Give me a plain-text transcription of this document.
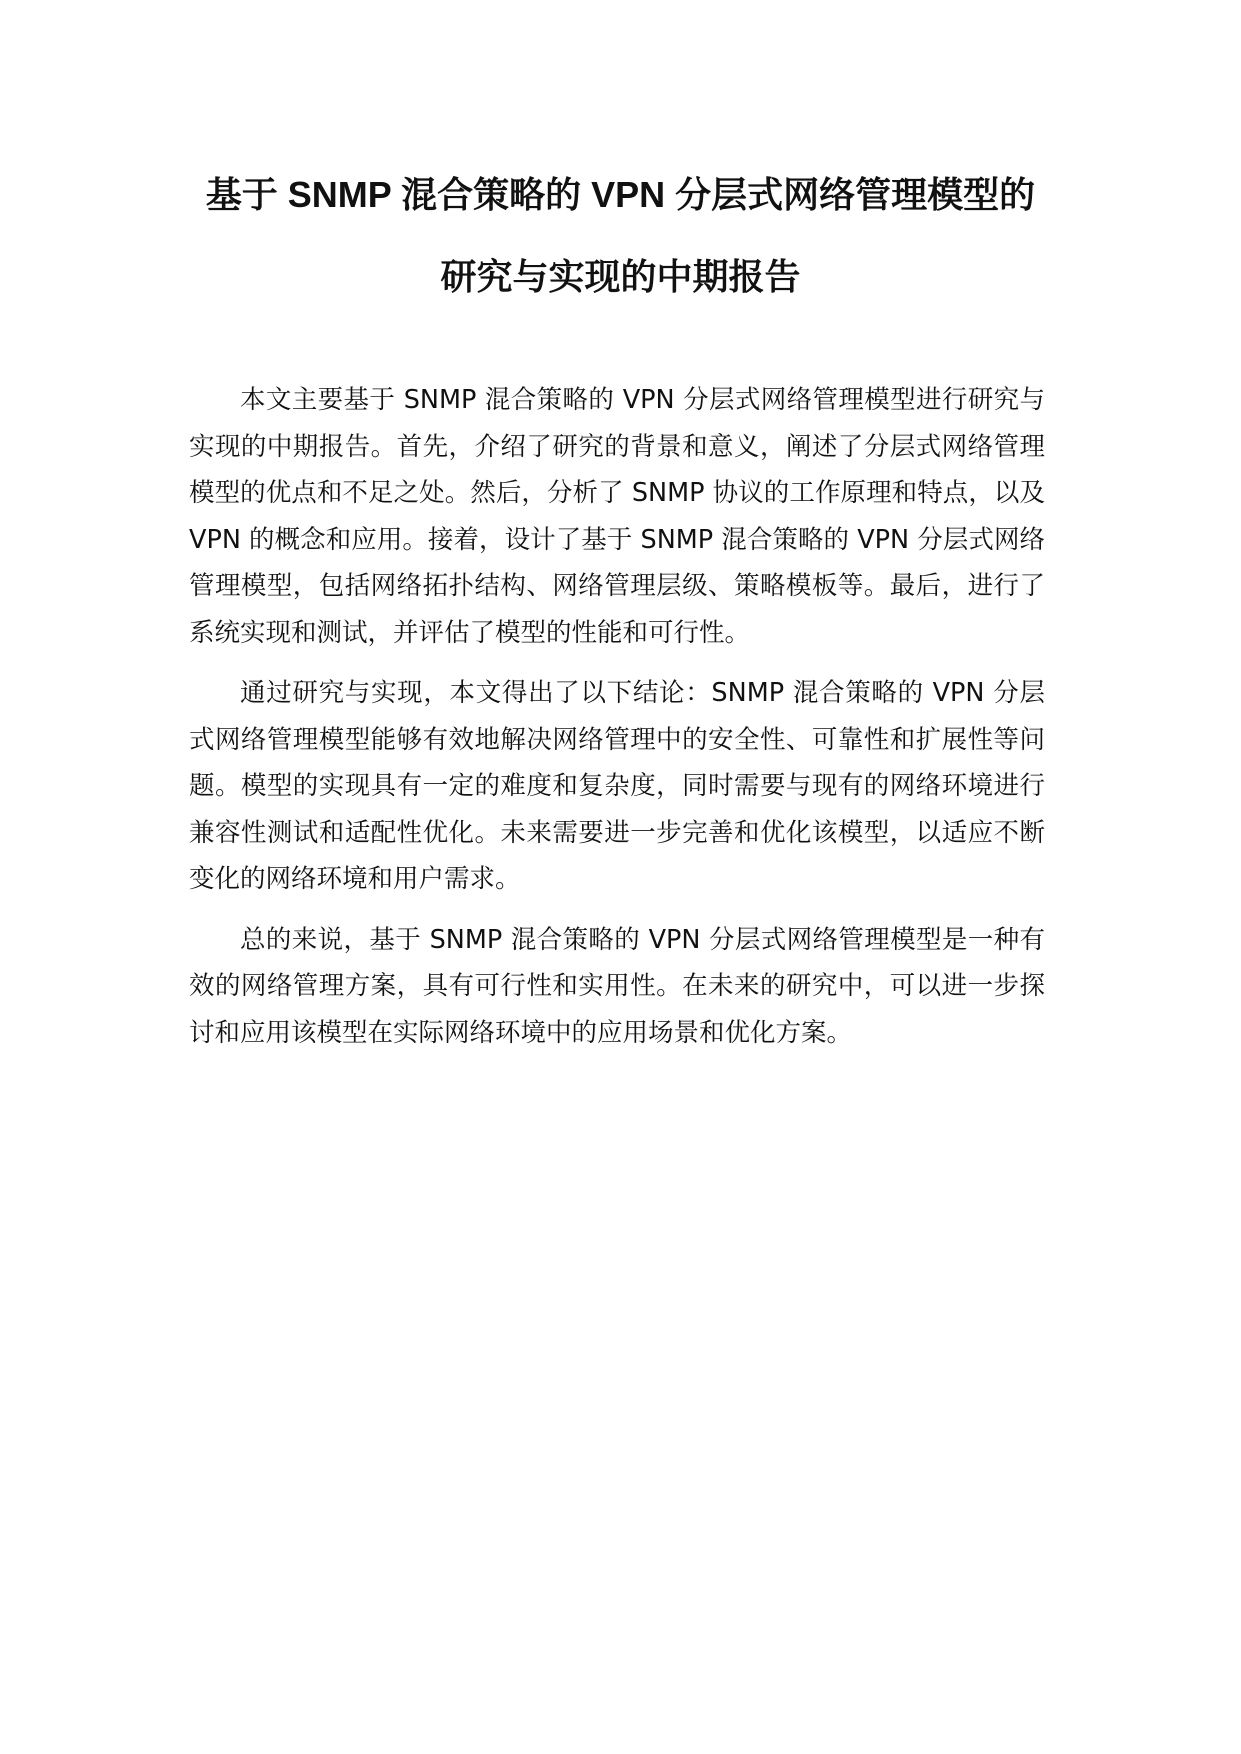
基于 SNMP 混合策略的 VPN 分层式网络管理模型的

研究与实现的中期报告

本文主要基于 SNMP 混合策略的 VPN 分层式网络管理模型进行研究与实现的中期报告。首先，介绍了研究的背景和意义，阐述了分层式网络管理模型的优点和不足之处。然后，分析了 SNMP 协议的工作原理和特点，以及 VPN 的概念和应用。接着，设计了基于 SNMP 混合策略的 VPN 分层式网络管理模型，包括网络拓扑结构、网络管理层级、策略模板等。最后，进行了系统实现和测试，并评估了模型的性能和可行性。

通过研究与实现，本文得出了以下结论：SNMP 混合策略的 VPN 分层式网络管理模型能够有效地解决网络管理中的安全性、可靠性和扩展性等问题。模型的实现具有一定的难度和复杂度，同时需要与现有的网络环境进行兼容性测试和适配性优化。未来需要进一步完善和优化该模型，以适应不断变化的网络环境和用户需求。

总的来说，基于 SNMP 混合策略的 VPN 分层式网络管理模型是一种有效的网络管理方案，具有可行性和实用性。在未来的研究中，可以进一步探讨和应用该模型在实际网络环境中的应用场景和优化方案。
